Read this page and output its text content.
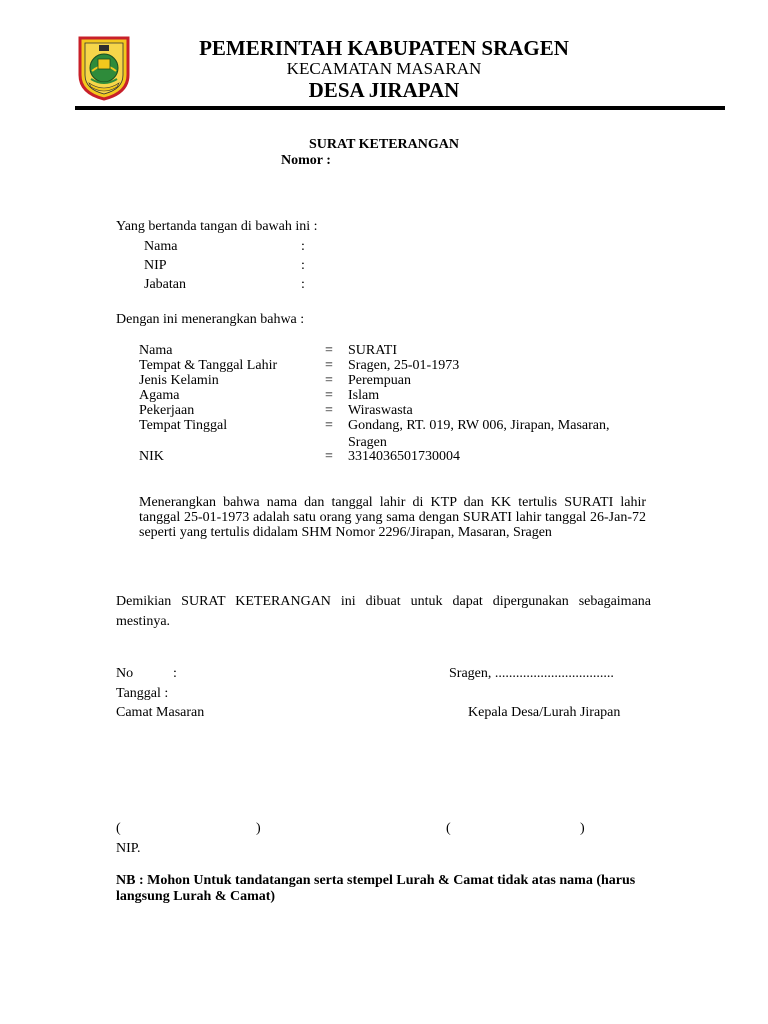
PEMERINTAH KABUPATEN SRAGEN
KECAMATAN MASARAN
DESA JIRAPAN
SURAT KETERANGAN
Nomor :
Yang bertanda tangan di bawah ini :
Nama	:
NIP	:
Jabatan	:
Dengan ini menerangkan bahwa :
Nama	= SURATI
Tempat & Tanggal Lahir	= Sragen, 25-01-1973
Jenis Kelamin	= Perempuan
Agama	= Islam
Pekerjaan	= Wiraswasta
Tempat Tinggal	= Gondang, RT. 019, RW 006, Jirapan, Masaran, Sragen
NIK	= 3314036501730004
Menerangkan bahwa nama dan tanggal lahir di KTP dan KK tertulis SURATI lahir tanggal 25-01-1973 adalah satu orang yang sama dengan SURATI lahir tanggal 26-Jan-72 seperti yang tertulis didalam SHM Nomor 2296/Jirapan, Masaran, Sragen
Demikian SURAT KETERANGAN ini dibuat untuk dapat dipergunakan sebagaimana mestinya.
No	:	Sragen, ..................................
Tanggal :
Camat Masaran	Kepala Desa/Lurah Jirapan
(	)	(	)
NIP.
NB : Mohon Untuk tandatangan serta stempel Lurah & Camat tidak atas nama (harus langsung Lurah & Camat)
